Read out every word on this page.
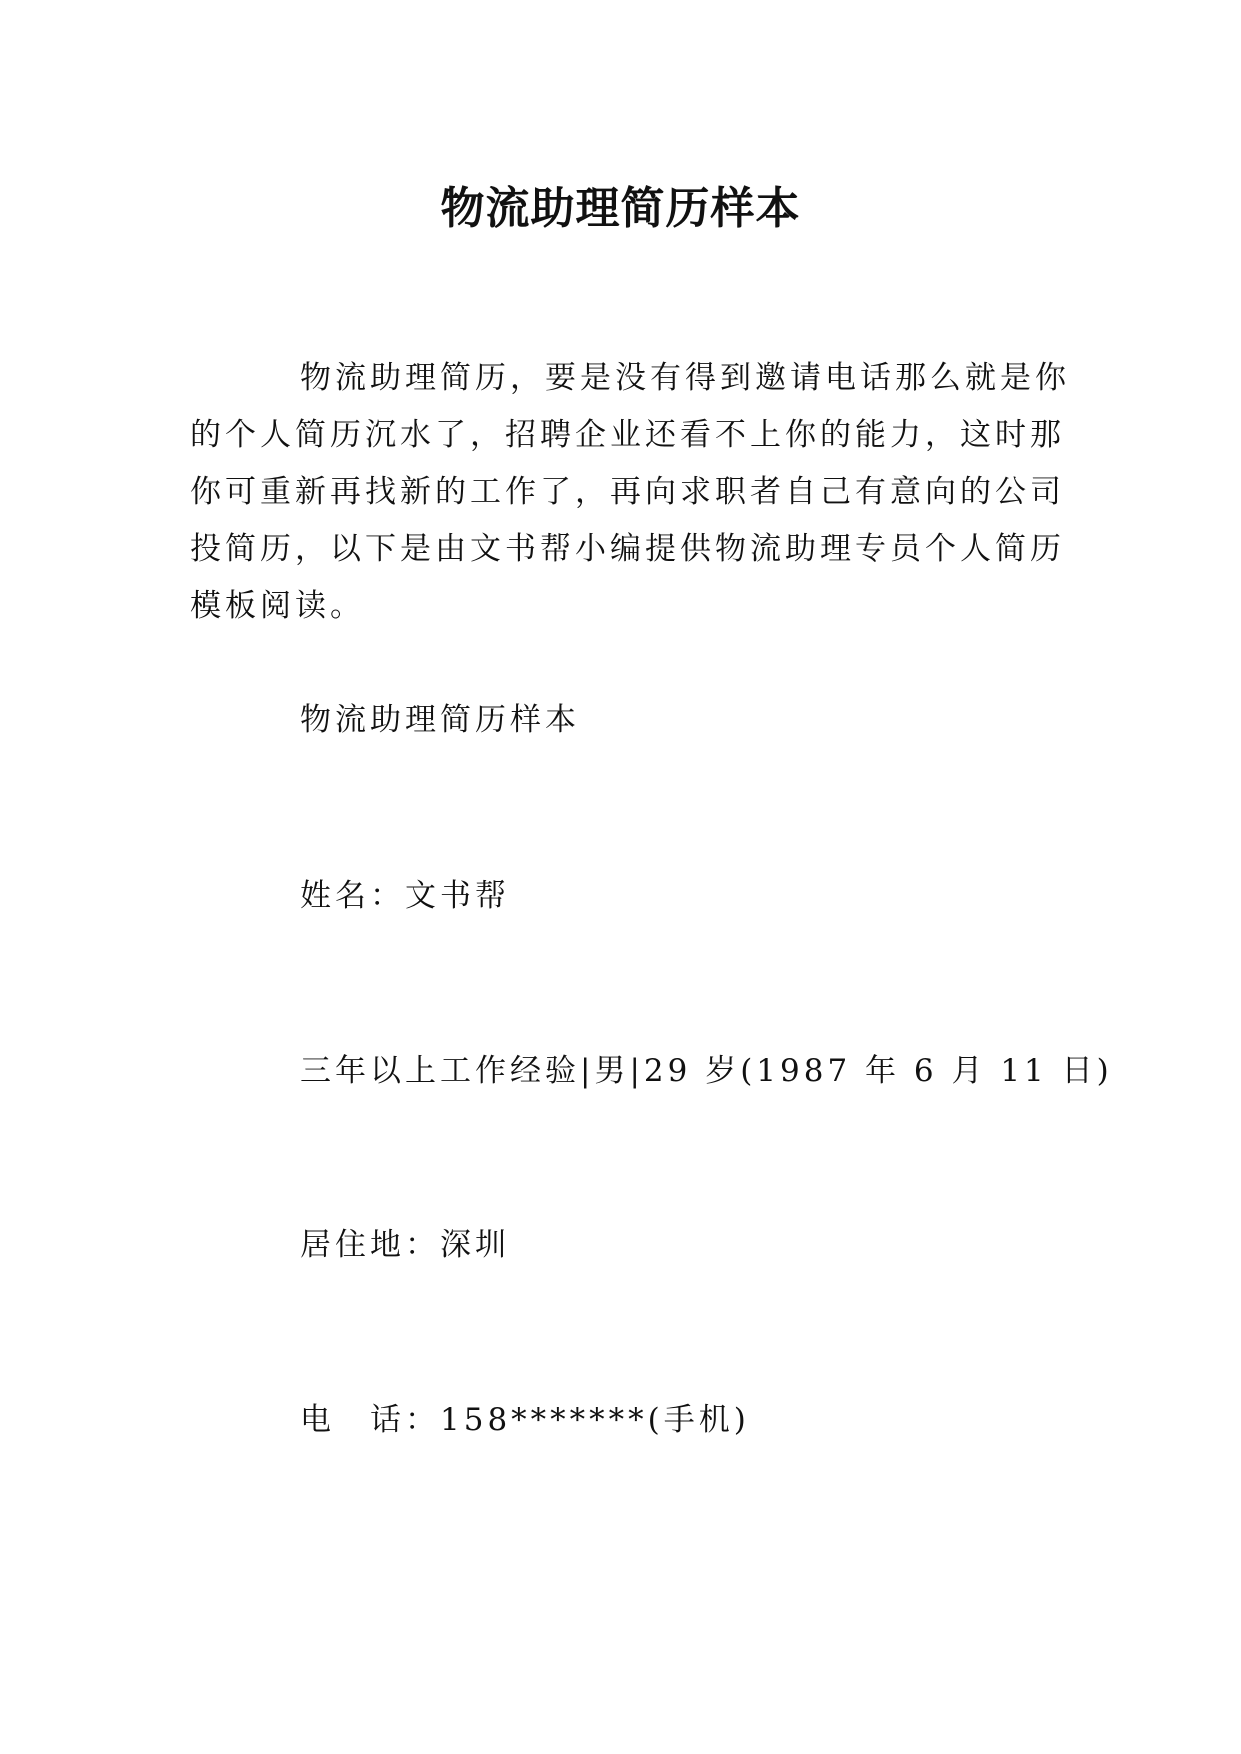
物流助理简历样本

物流助理简历，要是没有得到邀请电话那么就是你的个人简历沉水了，招聘企业还看不上你的能力，这时那你可重新再找新的工作了，再向求职者自己有意向的公司投简历，以下是由文书帮小编提供物流助理专员个人简历模板阅读。

物流助理简历样本

姓名：文书帮

三年以上工作经验|男|29 岁(1987 年 6 月 11 日)

居住地：深圳

电　话：158*******(手机)
